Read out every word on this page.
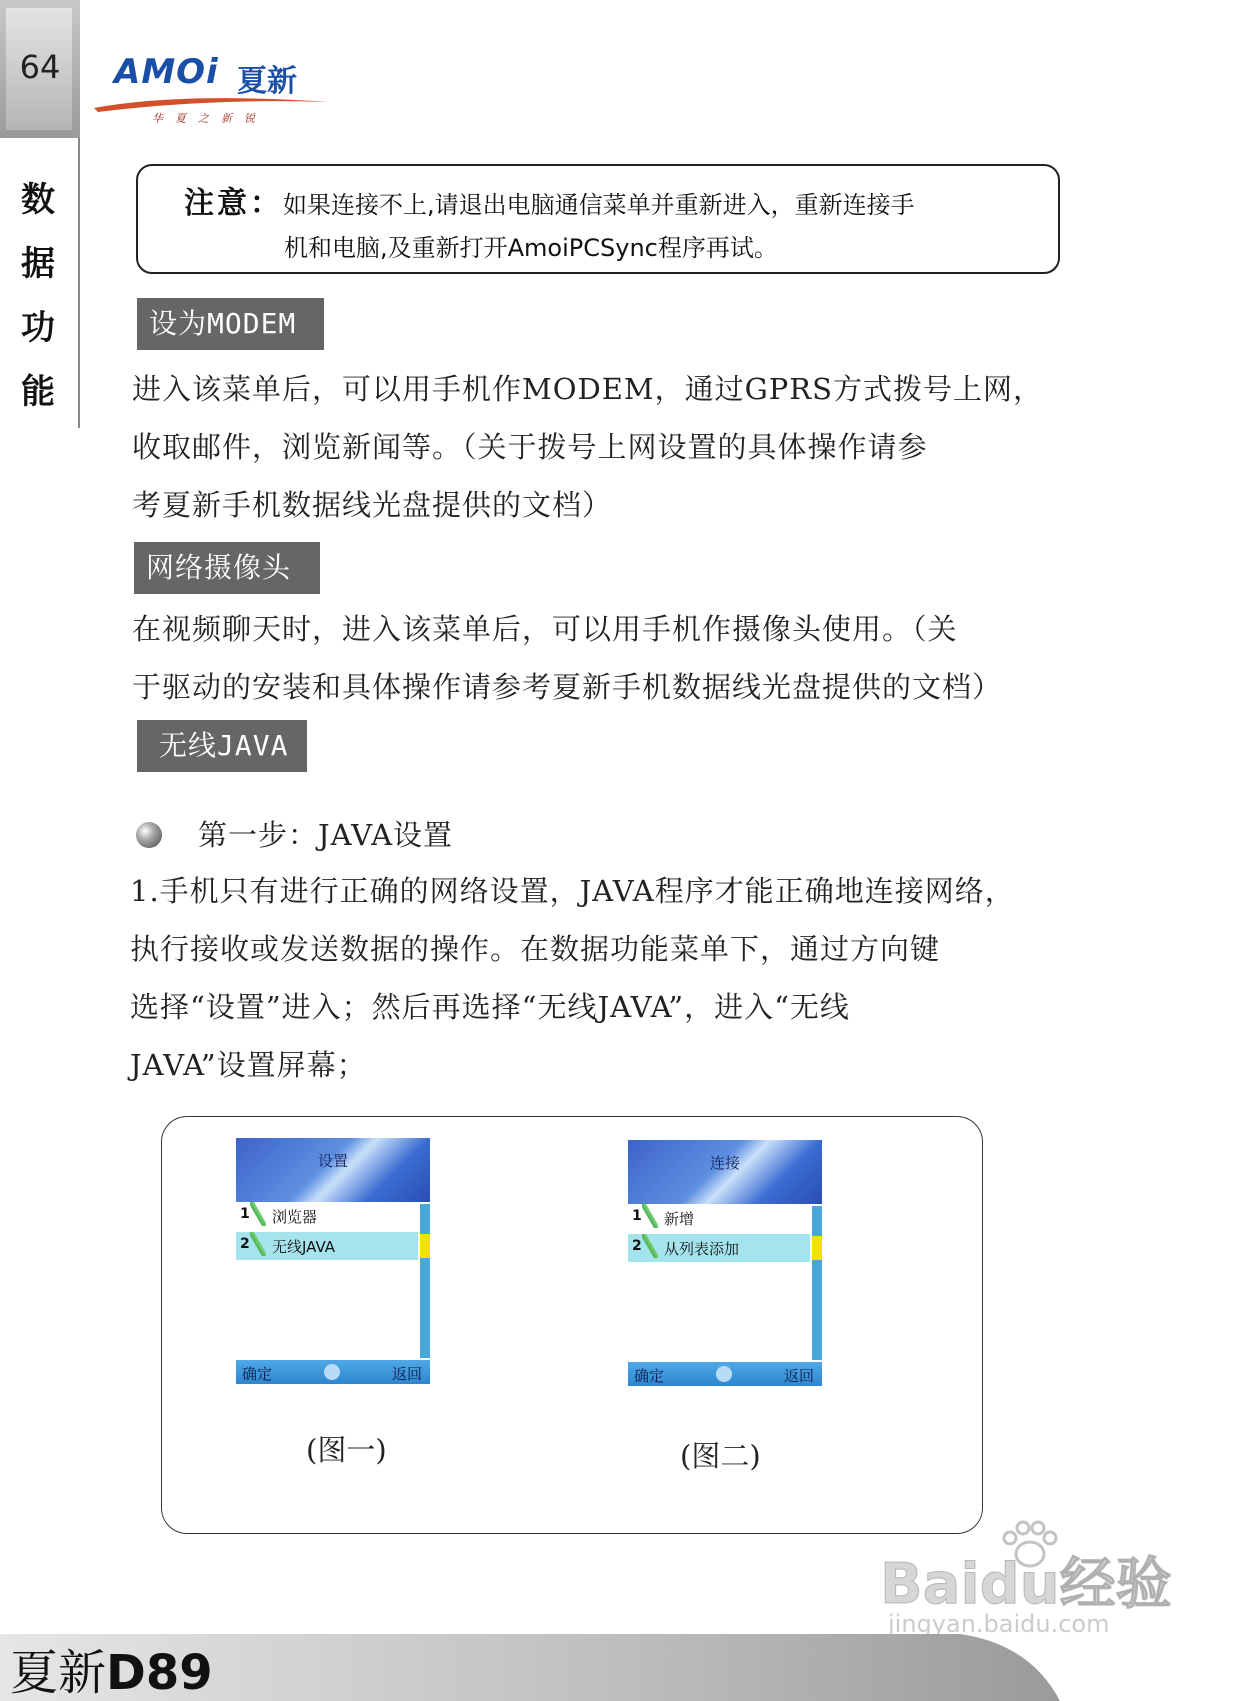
64
数
据
功
能
AMOi 夏新
华夏之新锐
注意：如果连接不上,请退出电脑通信菜单并重新进入，重新连接手
机和电脑,及重新打开AmoiPCSync程序再试。
设为MODEM
进入该菜单后，可以用手机作MODEM，通过GPRS方式拨号上网，
收取邮件，浏览新闻等。（关于拨号上网设置的具体操作请参
考夏新手机数据线光盘提供的文档）
网络摄像头
在视频聊天时，进入该菜单后，可以用手机作摄像头使用。（关
于驱动的安装和具体操作请参考夏新手机数据线光盘提供的文档）
无线JAVA
第一步：JAVA设置
1.手机只有进行正确的网络设置，JAVA程序才能正确地连接网络，
执行接收或发送数据的操作。在数据功能菜单下，通过方向键
选择“设置”进入；然后再选择“无线JAVA”，进入“无线
JAVA”设置屏幕；
设置
1 浏览器
2 无线JAVA
确定	返回
(图一)
连接
1 新增
2 从列表添加
确定	返回
(图二)
Baidu经验
jingyan.baidu.com
夏新D89
